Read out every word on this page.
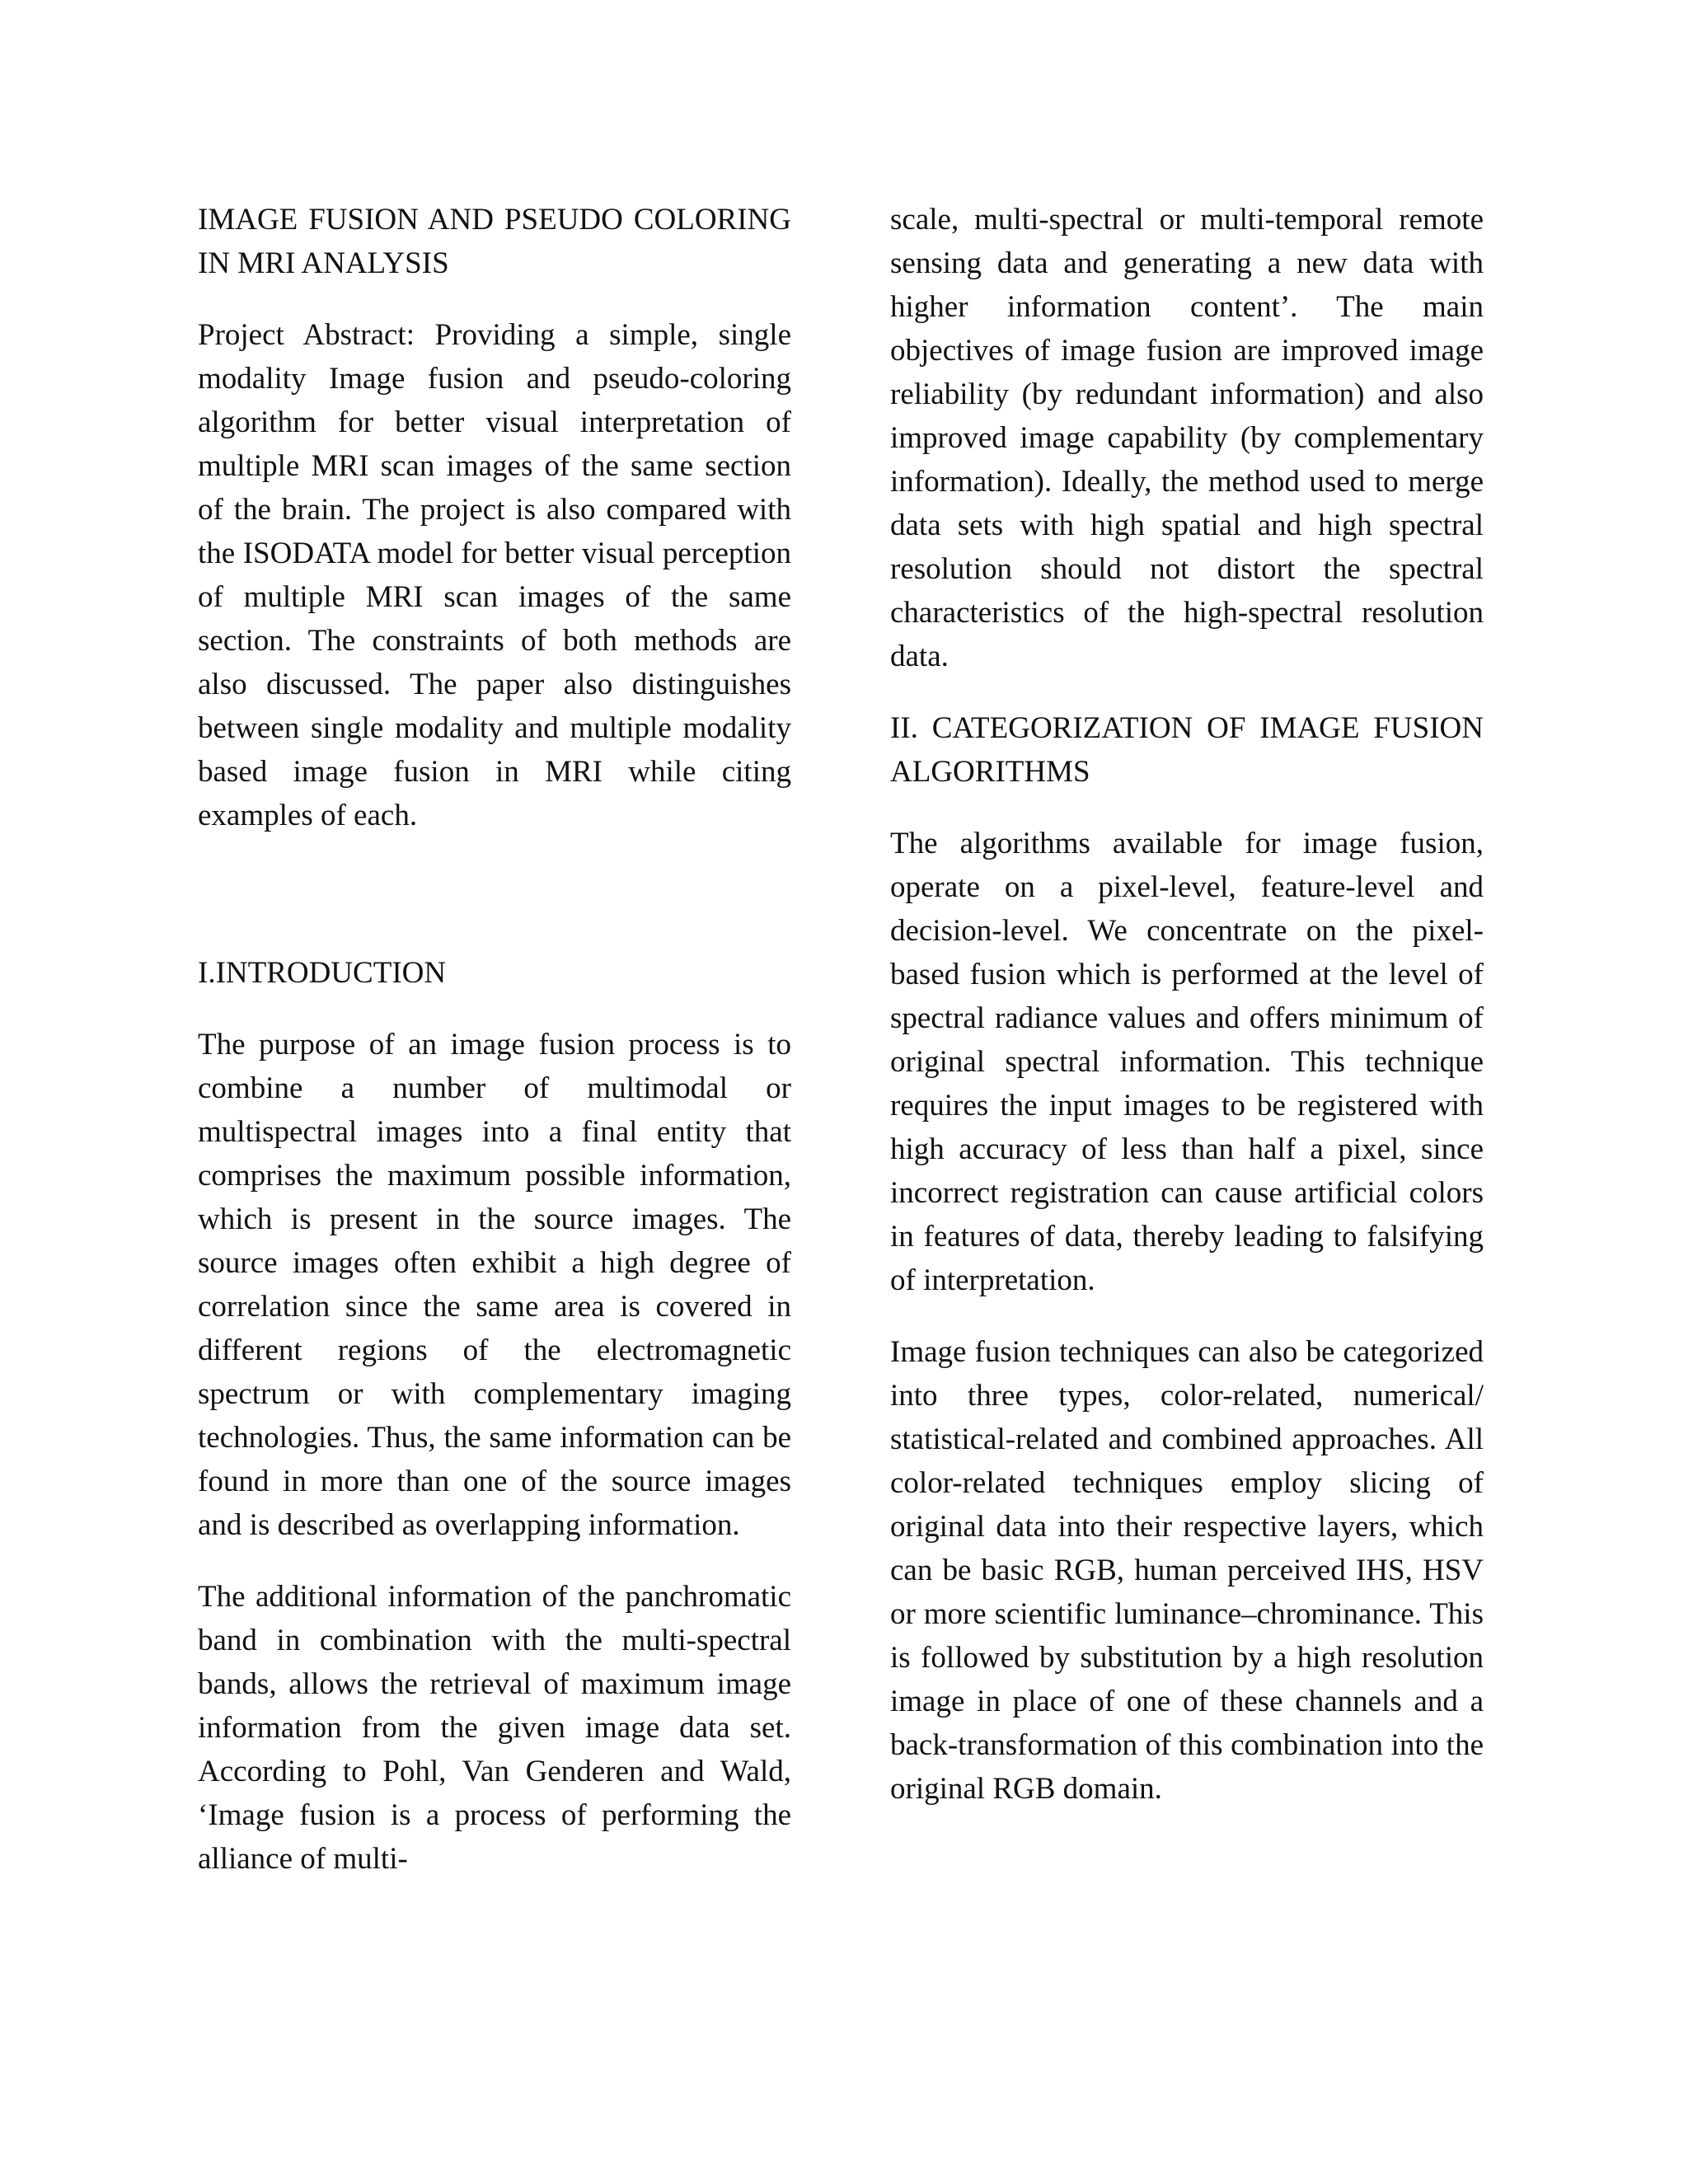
IMAGE FUSION AND PSEUDO COLORING IN MRI ANALYSIS
Project Abstract: Providing a simple, single modality Image fusion and pseudo-coloring algorithm for better visual interpretation of multiple MRI scan images of the same section of the brain. The project is also compared with the ISODATA model for better visual perception of multiple MRI scan images of the same section. The constraints of both methods are also discussed. The paper also distinguishes between single modality and multiple modality based image fusion in MRI while citing examples of each.
I.INTRODUCTION
The purpose of an image fusion process is to combine a number of multimodal or multispectral images into a final entity that comprises the maximum possible information, which is present in the source images. The source images often exhibit a high degree of correlation since the same area is covered in different regions of the electromagnetic spectrum or with complementary imaging technologies. Thus, the same information can be found in more than one of the source images and is described as overlapping information.
The additional information of the panchromatic band in combination with the multi-spectral bands, allows the retrieval of maximum image information from the given image data set. According to Pohl, Van Genderen and Wald, ‘Image fusion is a process of performing the alliance of multi-
scale, multi-spectral or multi-temporal remote sensing data and generating a new data with higher information content’. The main objectives of image fusion are improved image reliability (by redundant information) and also improved image capability (by complementary information). Ideally, the method used to merge data sets with high spatial and high spectral resolution should not distort the spectral characteristics of the high-spectral resolution data.
II. CATEGORIZATION OF IMAGE FUSION ALGORITHMS
The algorithms available for image fusion, operate on a pixel-level, feature-level and decision-level. We concentrate on the pixel-based fusion which is performed at the level of spectral radiance values and offers minimum of original spectral information. This technique requires the input images to be registered with high accuracy of less than half a pixel, since incorrect registration can cause artificial colors in features of data, thereby leading to falsifying of interpretation.
Image fusion techniques can also be categorized into three types, color-related, numerical/ statistical-related and combined approaches. All color-related techniques employ slicing of original data into their respective layers, which can be basic RGB, human perceived IHS, HSV or more scientific luminance–chrominance. This is followed by substitution by a high resolution image in place of one of these channels and a back-transformation of this combination into the original RGB domain.
